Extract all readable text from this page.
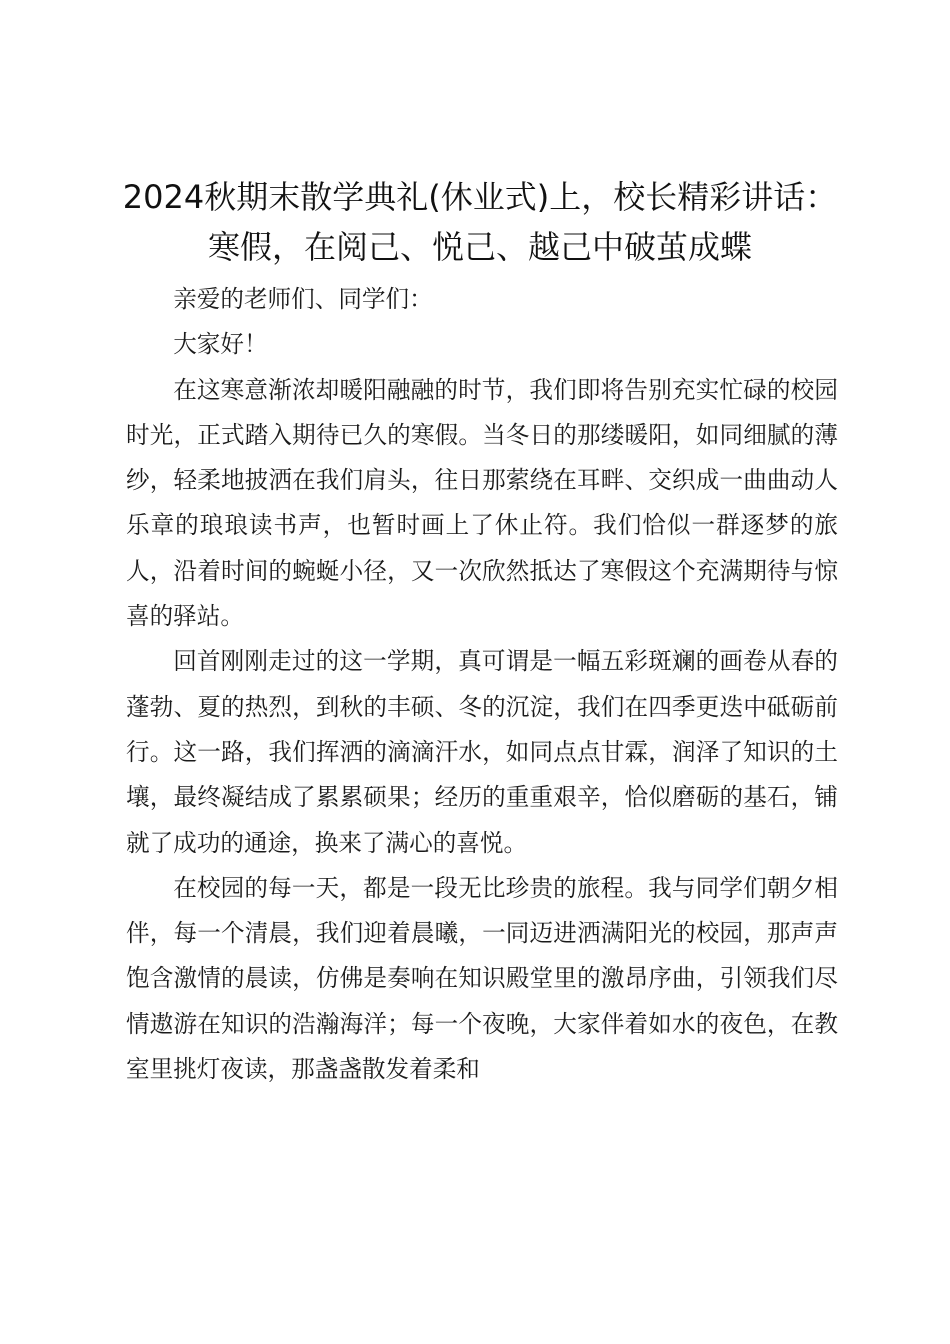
2024秋期末散学典礼(休业式)上，校长精彩讲话：寒假，在阅己、悦己、越己中破茧成蝶

亲爱的老师们、同学们：

大家好！

在这寒意渐浓却暖阳融融的时节，我们即将告别充实忙碌的校园时光，正式踏入期待已久的寒假。当冬日的那缕暖阳，如同细腻的薄纱，轻柔地披洒在我们肩头，往日那萦绕在耳畔、交织成一曲曲动人乐章的琅琅读书声，也暂时画上了休止符。我们恰似一群逐梦的旅人，沿着时间的蜿蜒小径，又一次欣然抵达了寒假这个充满期待与惊喜的驿站。

回首刚刚走过的这一学期，真可谓是一幅五彩斑斓的画卷从春的蓬勃、夏的热烈，到秋的丰硕、冬的沉淀，我们在四季更迭中砥砺前行。这一路，我们挥洒的滴滴汗水，如同点点甘霖，润泽了知识的土壤，最终凝结成了累累硕果；经历的重重艰辛，恰似磨砺的基石，铺就了成功的通途，换来了满心的喜悦。

在校园的每一天，都是一段无比珍贵的旅程。我与同学们朝夕相伴，每一个清晨，我们迎着晨曦，一同迈进洒满阳光的校园，那声声饱含激情的晨读，仿佛是奏响在知识殿堂里的激昂序曲，引领我们尽情遨游在知识的浩瀚海洋；每一个夜晚，大家伴着如水的夜色，在教室里挑灯夜读，那盏盏散发着柔和
